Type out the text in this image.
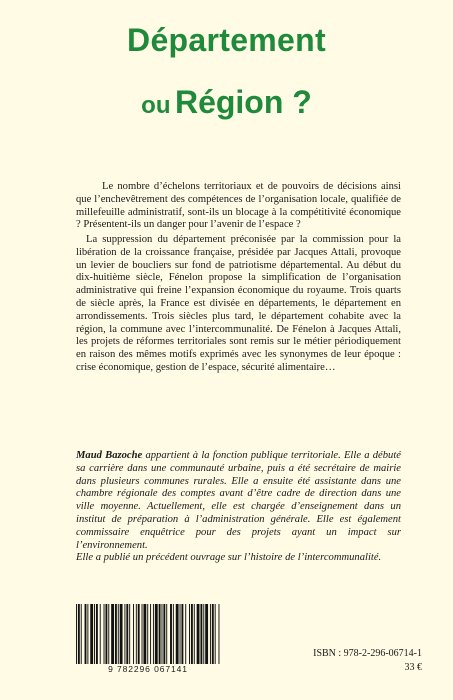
Département
ou Région ?

Le nombre d’échelons territoriaux et de pouvoirs de décisions ainsi que l’enchevêtrement des compétences de l’organisation locale, qualifiée de millefeuille administratif, sont-ils un blocage à la compétitivité économique ? Présentent-ils un danger pour l’avenir de l’espace ?

La suppression du département préconisée par la commission pour la libération de la croissance française, présidée par Jacques Attali, provoque un levier de boucliers sur fond de patriotisme départemental. Au début du dix-huitième siècle, Fénelon propose la simplification de l’organisation administrative qui freine l’expansion économique du royaume. Trois quarts de siècle après, la France est divisée en départements, le département en arrondissements. Trois siècles plus tard, le département cohabite avec la région, la commune avec l’intercommunalité. De Fénelon à Jacques Attali, les projets de réformes territoriales sont remis sur le métier périodiquement en raison des mêmes motifs exprimés avec les synonymes de leur époque : crise économique, gestion de l’espace, sécurité alimentaire…

Maud Bazoche appartient à la fonction publique territoriale. Elle a débuté sa carrière dans une communauté urbaine, puis a été secrétaire de mairie dans plusieurs communes rurales. Elle a ensuite été assistante dans une chambre régionale des comptes avant d’être cadre de direction dans une ville moyenne. Actuellement, elle est chargée d’enseignement dans un institut de préparation à l’administration générale. Elle est également commissaire enquêtrice pour des projets ayant un impact sur l’environnement.
Elle a publié un précédent ouvrage sur l’histoire de l’intercommunalité.

9 782296 067141
ISBN : 978-2-296-06714-1
33 €
